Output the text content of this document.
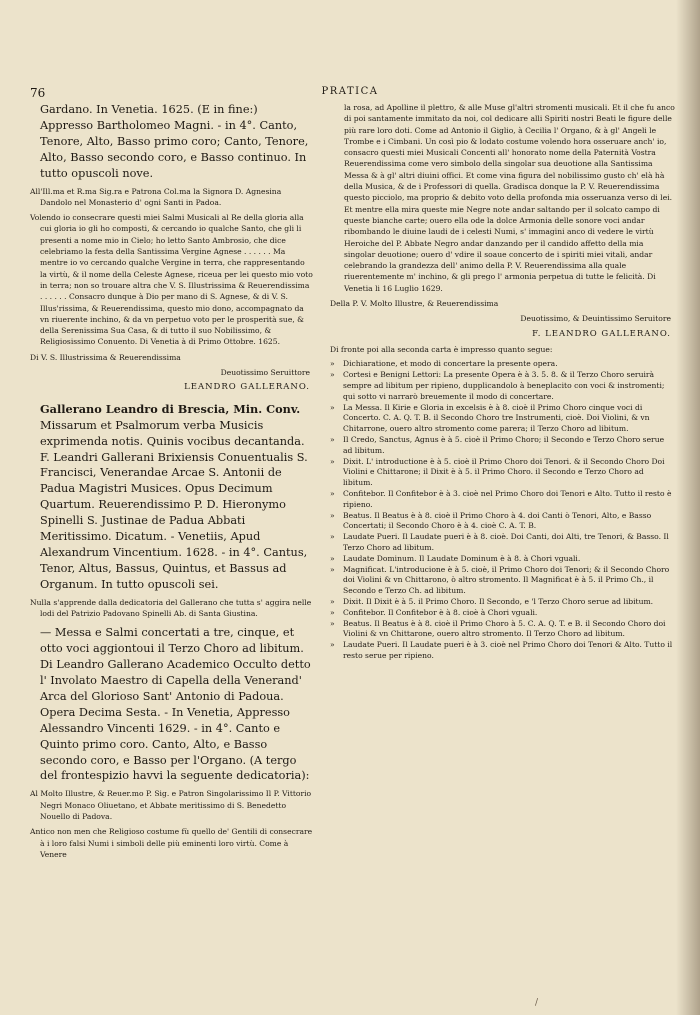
76	PRATICA

Gardano. In Venetia. 1625. (E in fine:) Appresso Bartholomeo Magni. - in 4°. Canto, Tenore, Alto, Basso primo coro; Canto, Tenore, Alto, Basso secondo coro, e Basso continuo. In tutto opuscoli nove.

All'Ill.ma et R.ma Sig.ra e Patrona Col.ma la Signora D. Agnesina Dandolo nel Monasterio d' ogni Santi in Padoa.

Volendo io consecrare questi miei Salmi Musicali al Re della gloria alla cui gloria io gli ho composti, & cercando io qualche Santo, che gli li presenti a nome mio in Cielo; ho letto Santo Ambrosio, che dice celebriamo la festa della Santissima Vergine Agnese . . . . . . Ma mentre io vo cercando qualche Vergine in terra, che rappresentando la virtù, & il nome della Celeste Agnese, riceua per lei questo mio voto in terra; non so trouare altra che V. S. Illustrissima & Reuerendissima . . . . . . Consacro dunque à Dio per mano di S. Agnese, & di V. S. Illus'rissima, & Reuerendissima, questo mio dono, accompagnato da vn riuerente inchino, & da vn perpetuo voto per le prosperità sue, & della Serenissima Sua Casa, & di tutto il suo Nobilissimo, & Religiosissimo Conuento. Di Venetia à di Primo Ottobre. 1625.

Di V. S. Illustrissima & Reuerendissima

Deuotissimo Seruittore

LEANDRO GALLERANO.

Gallerano Leandro di Brescia, Min. Conv. Missarum et Psalmorum verba Musicis exprimenda notis. Quinis vocibus decantanda. F. Leandri Gallerani Brixiensis Conuentualis S. Francisci, Venerandae Arcae S. Antonii de Padua Magistri Musices. Opus Decimum Quartum. Reuerendissimo P. D. Hieronymo Spinelli S. Justinae de Padua Abbati Meritissimo. Dicatum. - Venetiis, Apud Alexandrum Vincentium. 1628. - in 4°. Cantus, Tenor, Altus, Bassus, Quintus, et Bassus ad Organum. In tutto opuscoli sei.

Nulla s'apprende dalla dedicatoria del Gallerano che tutta s' aggira nelle lodi del Patrizio Padovano Spinelli Ab. di Santa Giustina.

— Messa e Salmi concertati a tre, cinque, et otto voci aggiontoui il Terzo Choro ad libitum. Di Leandro Gallerano Academico Occulto detto l' Involato Maestro di Capella della Venerand' Arca del Glorioso Sant' Antonio di Padoua. Opera Decima Sesta. - In Venetia, Appresso Alessandro Vincenti 1629. - in 4°. Canto e Quinto primo coro. Canto, Alto, e Basso secondo coro, e Basso per l'Organo. (A tergo del frontespizio havvi la seguente dedicatoria):

Al Molto Illustre, & Reuer.mo P. Sig. e Patron Singolarissimo Il P. Vittorio Negri Monaco Oliuetano, et Abbate meritissimo di S. Benedetto Nouello di Padova.

Antico non men che Religioso costume fù quello de' Gentili di consecrare à i loro falsi Numi i simboli delle più eminenti loro virtù. Come à Venere

la rosa, ad Apolline il plettro, & alle Muse gl'altri stromenti musicali. Et il che fu anco di poi santamente immitato da noi, col dedicare alli Spiriti nostri Beati le figure delle più rare loro doti. Come ad Antonio il Giglio, à Cecilia l' Organo, & à gl' Angeli le Trombe e i Cimbani. Un così pio & lodato costume volendo hora osseruare anch' io, consacro questi miei Musicali Concenti all' honorato nome della Paternità Vostra Reuerendissima come vero simbolo della singolar sua deuotione alla Santissima Messa & à gl' altri diuini offici. Et come vina figura del nobilissimo gusto ch' elà hà della Musica, & de i Professori di quella. Gradisca donque la P. V. Reuerendissima questo picciolo, ma proprio & debito voto della profonda mia osseruanza verso di lei. Et mentre ella mira queste mie Negre note andar saltando per il solcato campo di queste bianche carte; ouero ella ode la dolce Armonia delle sonore voci andar ribombando le diuine laudi de i celesti Numi, s' immagini anco di vedere le virtù Heroiche del P. Abbate Negro andar danzando per il candido affetto della mia singolar deuotione; ouero d' vdire il soaue concerto de i spiriti miei vitali, andar celebrando la grandezza dell' animo della P. V. Reuerendissima alla quale riuerentemente m' inchino, & gli prego l' armonia perpetua di tutte le felicità. Di Venetia li 16 Luglio 1629.

Della P. V. Molto Illustre, & Reuerendissima

Deuotissimo, & Deuintissimo Seruitore

F. LEANDRO GALLERANO.

Di fronte poi alla seconda carta è impresso quanto segue:

» Dichiaratione, et modo di concertare la presente opera.
» Cortesi e Benigni Lettori: La presente Opera è à 3. 5. 8. & il Terzo Choro seruirà sempre ad libitum per ripieno, dupplicandolo à beneplacito con voci & instromenti; qui sotto vi narrarò breuemente il modo di concertare.
» La Messa. Il Kirie e Gloria in excelsis è à 8. cioè il Primo Choro cinque voci di Concerto. C. A. Q. T. B. il Secondo Choro tre Instrumenti, cioè. Doi Violini, & vn Chitarrone, ouero altro stromento come parera; il Terzo Choro ad libitum.
» Il Credo, Sanctus, Agnus è à 5. cioè il Primo Choro; il Secondo e Terzo Choro serue ad libitum.
» Dixit. L' introductione è à 5. cioè il Primo Choro doi Tenori. & il Secondo Choro Doi Violini e Chittarone; il Dixit è à 5. il Primo Choro. il Secondo e Terzo Choro ad libitum.
» Confitebor. Il Confitebor è à 3. cioè nel Primo Choro doi Tenori e Alto. Tutto il resto è ripieno.
» Beatus. Il Beatus è à 8. cioè il Primo Choro à 4. doi Canti ò Tenori, Alto, e Basso Concertati; il Secondo Choro è à 4. cioè C. A. T. B.
» Laudate Pueri. Il Laudate pueri è à 8. cioè. Doi Canti, doi Alti, tre Tenori, & Basso. Il Terzo Choro ad libitum.
» Laudate Dominum. Il Laudate Dominum è à 8. à Chori vguali.
» Magnificat. L'introducione è à 5. cioè, il Primo Choro doi Tenori; & il Secondo Choro doi Violini & vn Chittarono, ò altro stromento. Il Magnificat è à 5. il Primo Ch., il Secondo e Terzo Ch. ad libitum.
» Dixit. Il Dixit è à 5. il Primo Choro. Il Secondo, e 'l Terzo Choro serue ad libitum.
» Confitebor. Il Confitebor è à 8. cioè à Chori vguali.
» Beatus. Il Beatus è à 8. cioè il Primo Choro à 5. C. A. Q. T. e B. il Secondo Choro doi Violini & vn Chittarone, ouero altro stromento. Il Terzo Choro ad libitum.
» Laudate Pueri. Il Laudate pueri è à 3. cioè nel Primo Choro doi Tenori & Alto. Tutto il resto serue per ripieno.
/
